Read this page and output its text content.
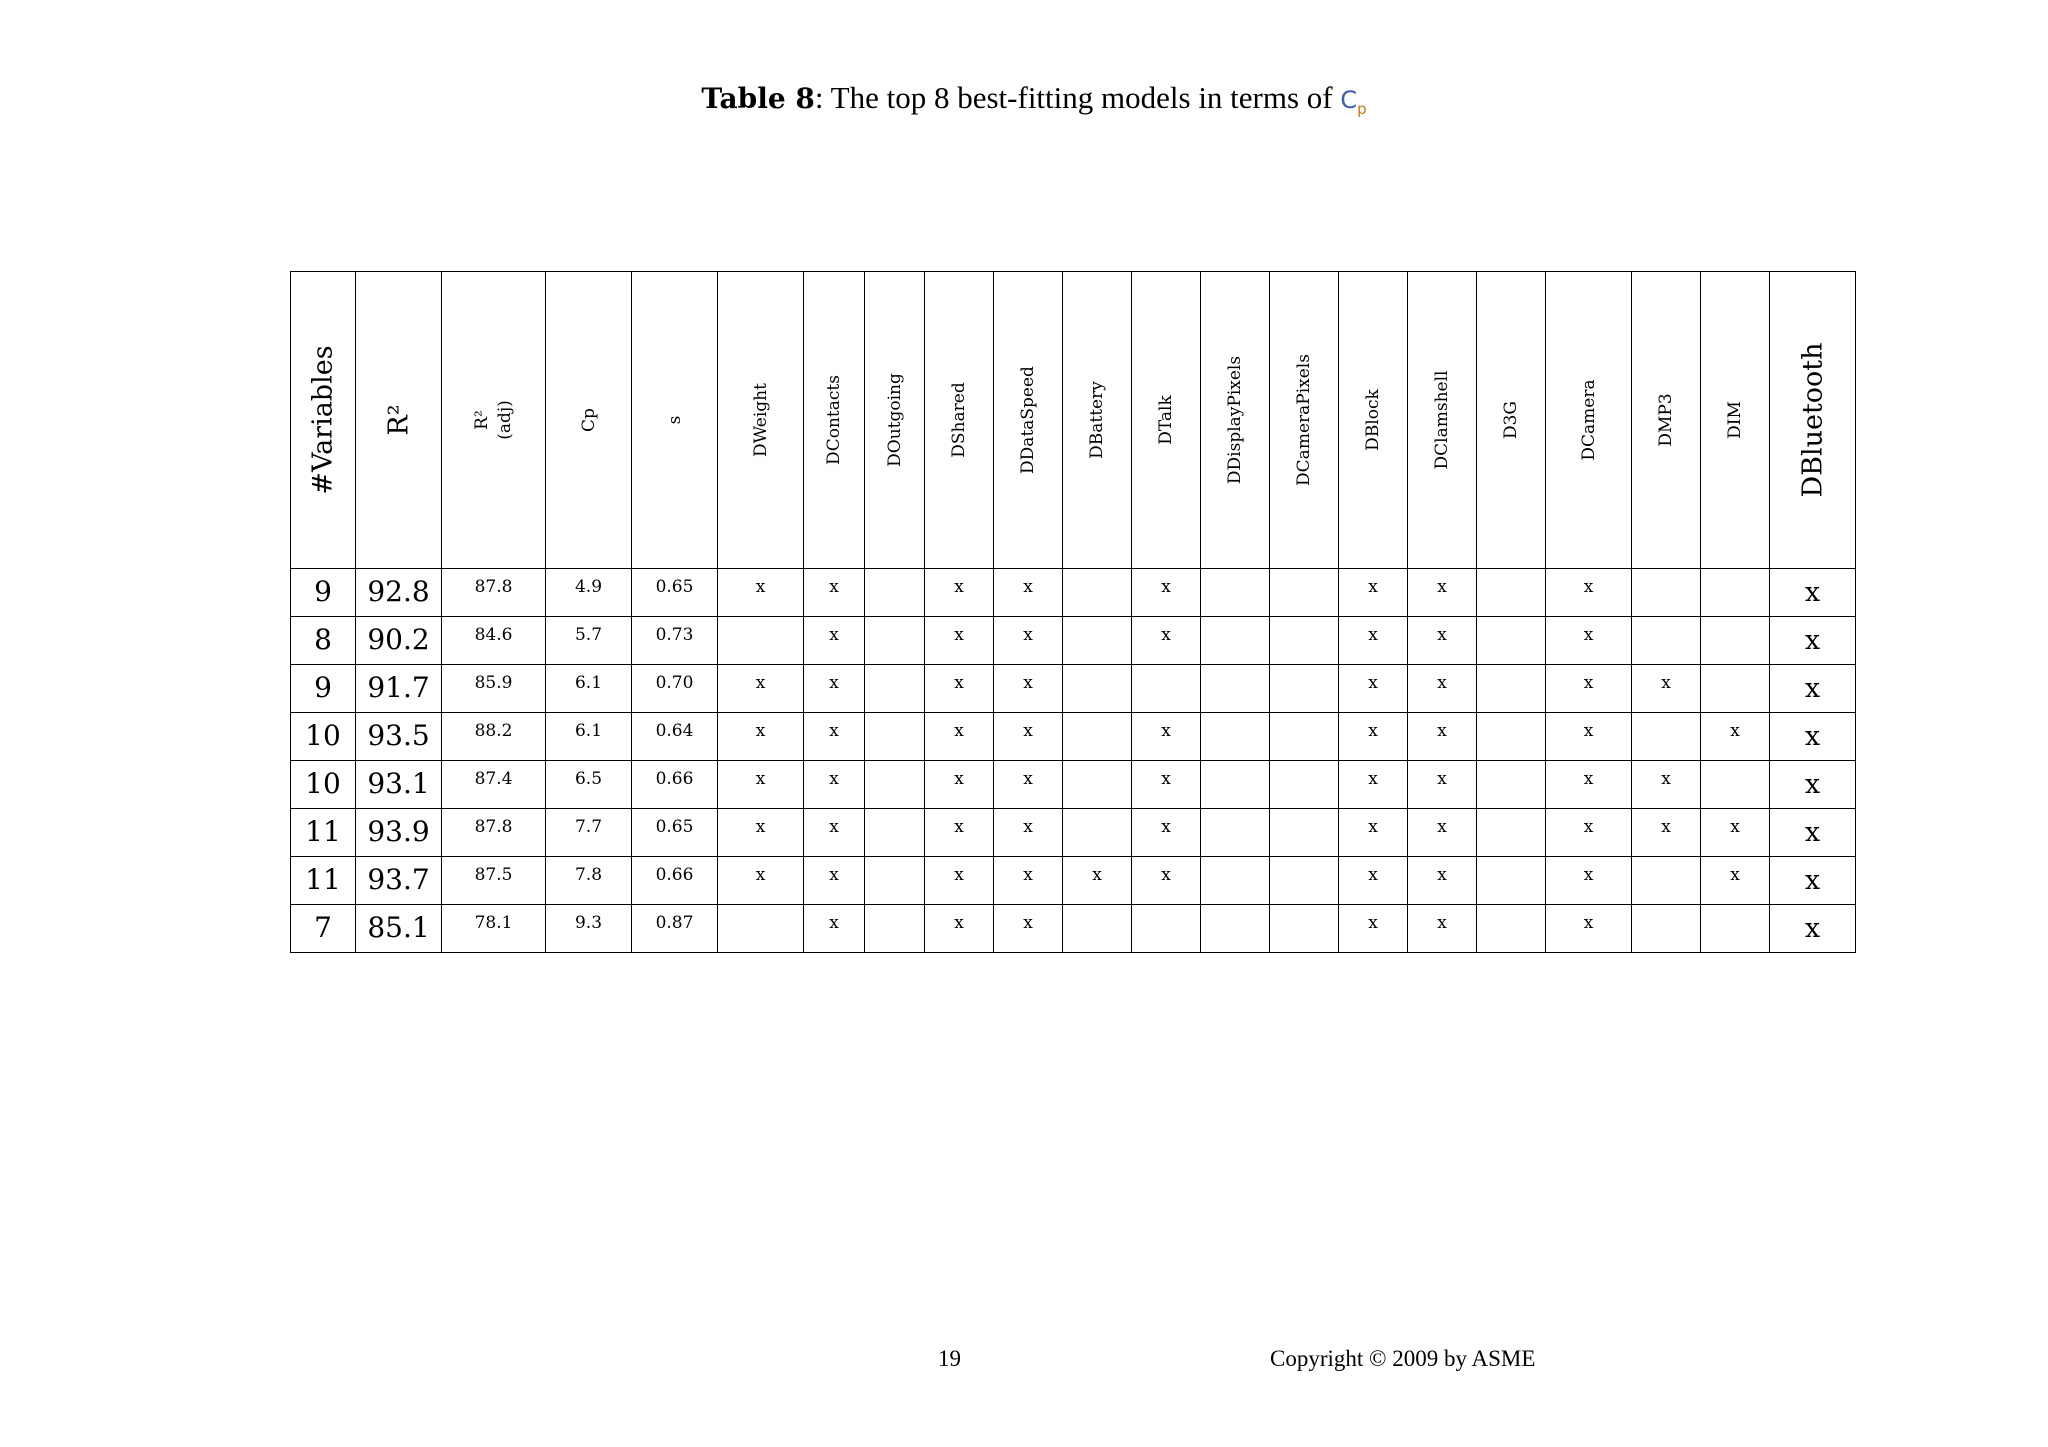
Table 8: The top 8 best-fitting models in terms of $C_p$
#Variables	R²	R²
(adj)	Cp	s	DWeight	DContacts	DOutgoing	DShared	DDataSpeed	DBattery	DTalk	DDisplayPixels	DCameraPixels	DBlock	DClamshell	D3G	DCamera	DMP3	DIM	DBluetooth

9	92.8	87.8	4.9	0.65	x	x		x	x		x			x	x		x			x
8	90.2	84.6	5.7	0.73		x		x	x		x			x	x		x			x
9	91.7	85.9	6.1	0.70	x	x		x	x					x	x		x	x		x
10	93.5	88.2	6.1	0.64	x	x		x	x		x			x	x		x		x	x
10	93.1	87.4	6.5	0.66	x	x		x	x		x			x	x		x	x		x
11	93.9	87.8	7.7	0.65	x	x		x	x		x			x	x		x	x	x	x
11	93.7	87.5	7.8	0.66	x	x		x	x	x	x			x	x		x		x	x
7	85.1	78.1	9.3	0.87		x		x	x					x	x		x			x
19	Copyright © 2009 by ASME
